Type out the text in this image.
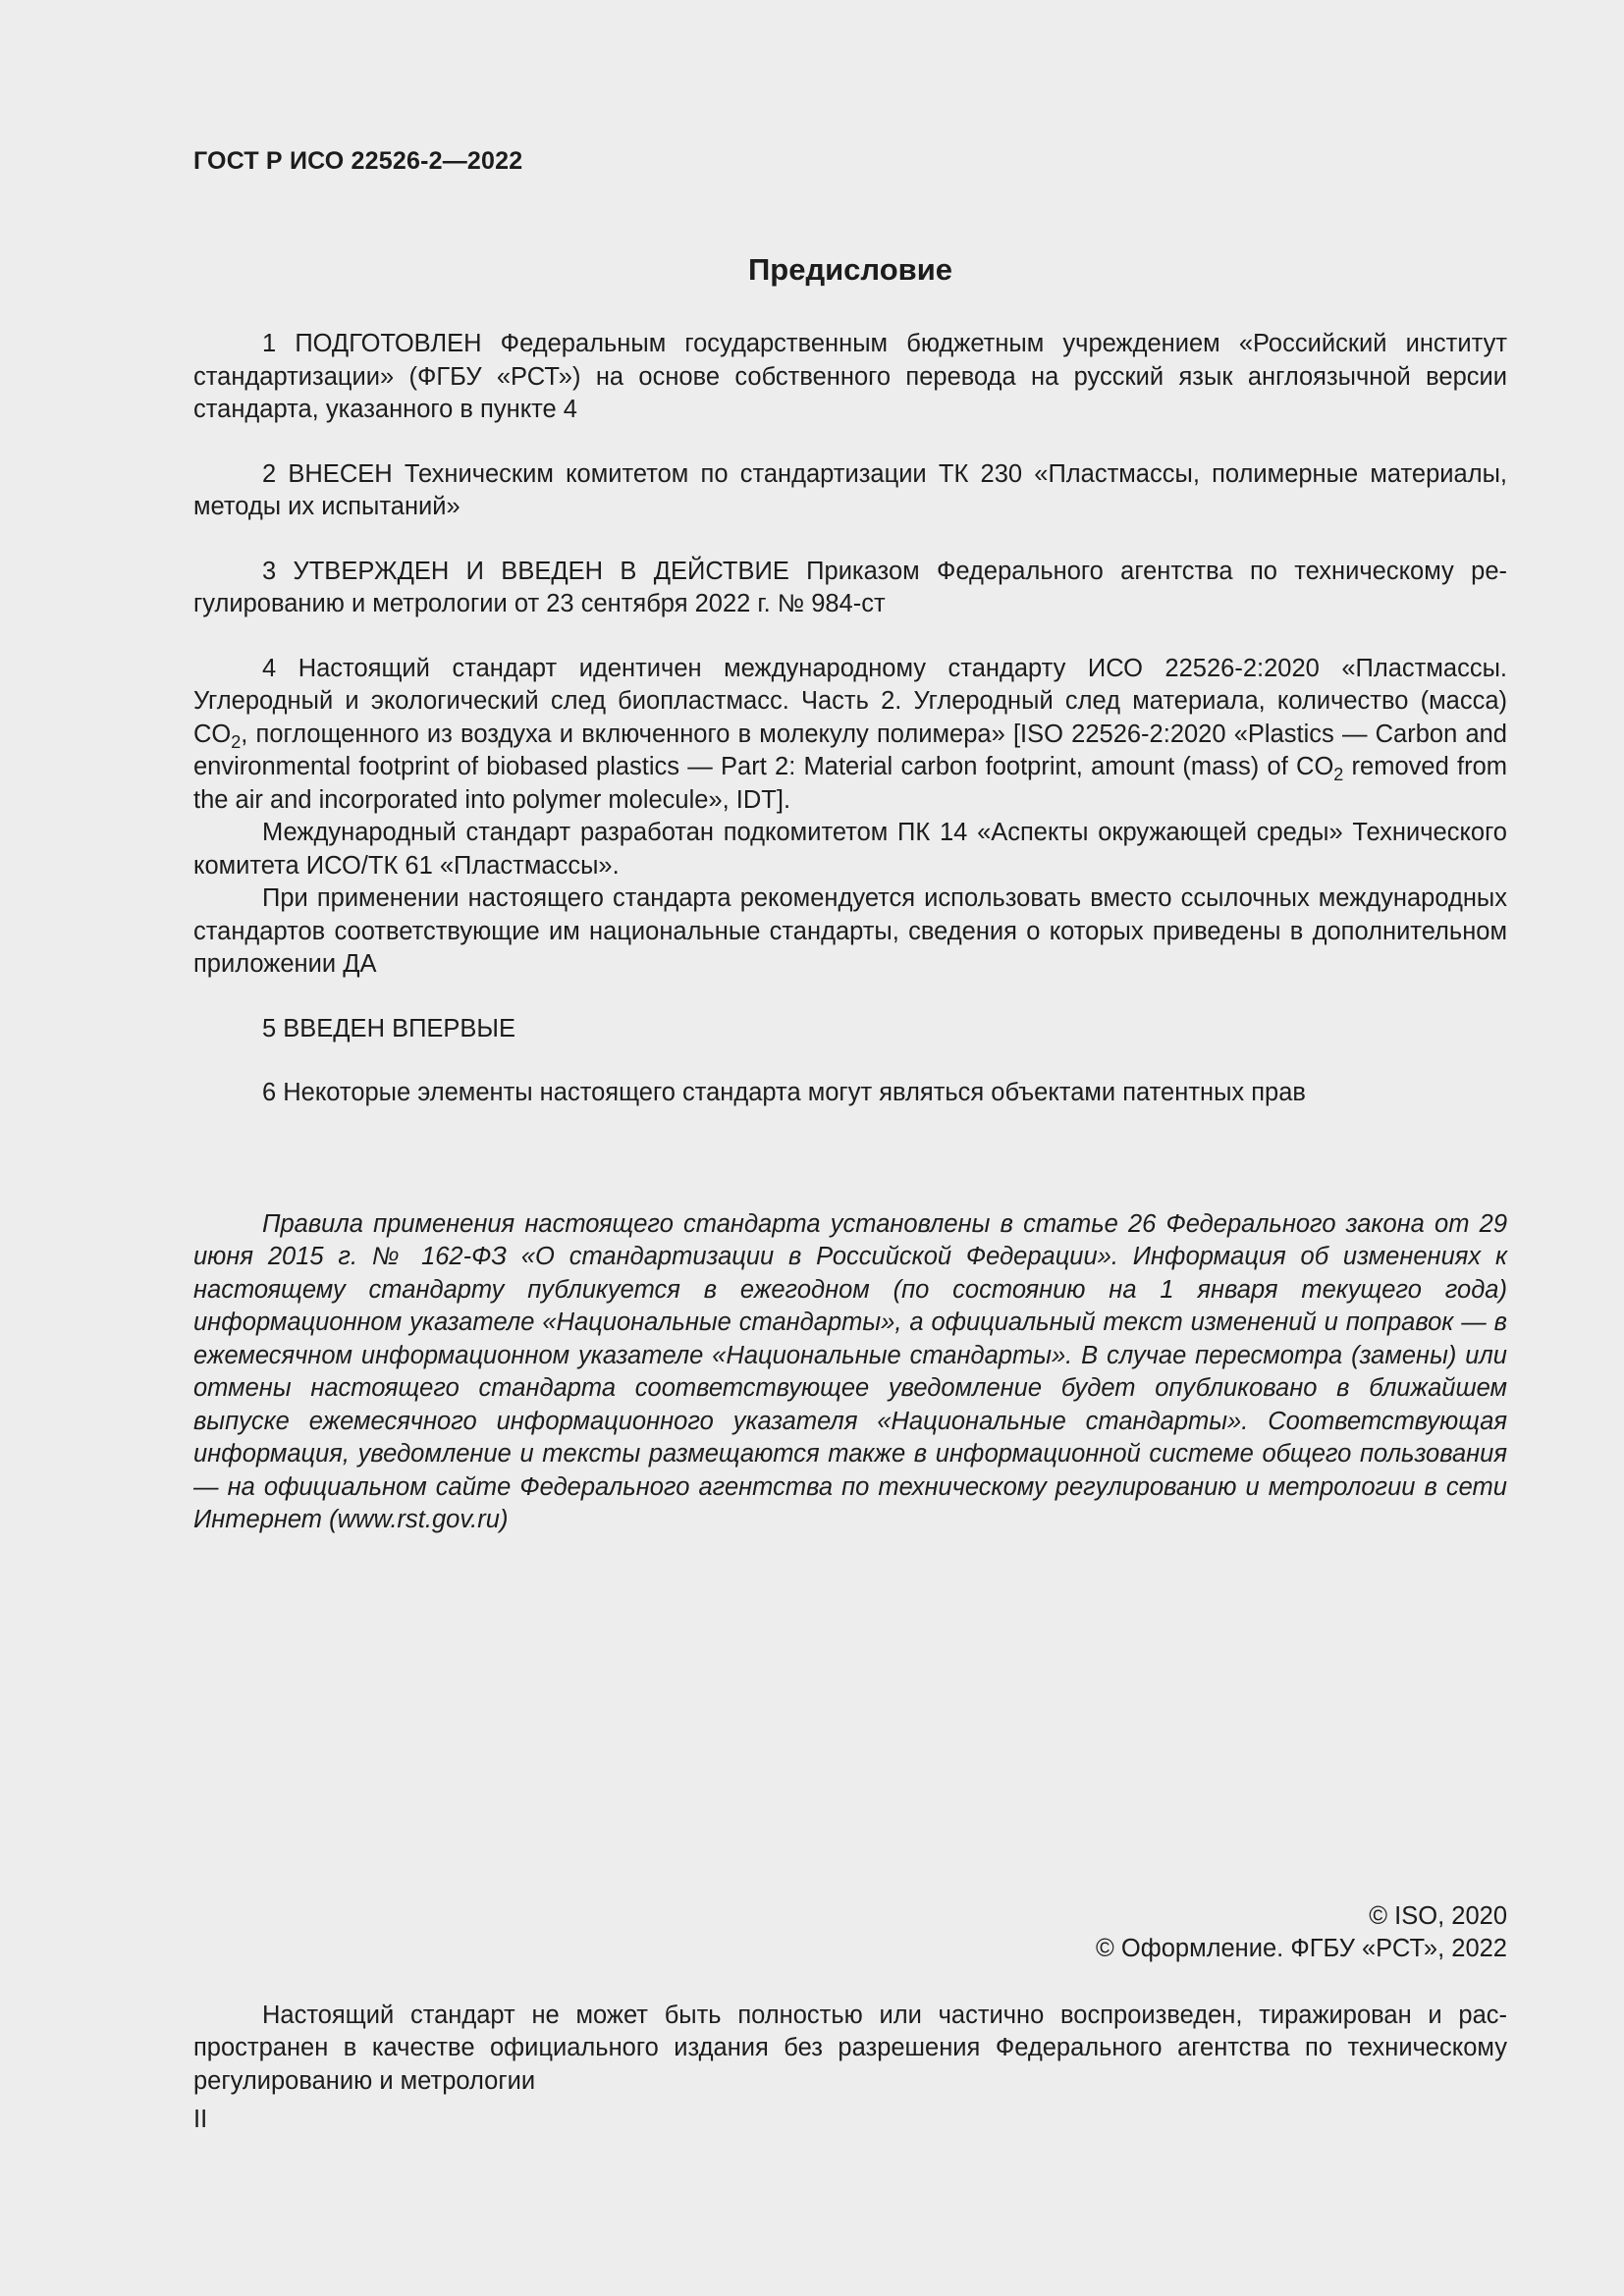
ГОСТ Р ИСО 22526-2—2022

Предисловие

1 ПОДГОТОВЛЕН Федеральным государственным бюджетным учреждением «Российский институт стандартизации» (ФГБУ «РСТ») на основе собственного перевода на русский язык англоязычной версии стандарта, указанного в пункте 4

2 ВНЕСЕН Техническим комитетом по стандартизации ТК 230 «Пластмассы, полимерные материалы, методы их испытаний»

3 УТВЕРЖДЕН И ВВЕДЕН В ДЕЙСТВИЕ Приказом Федерального агентства по техническому регулированию и метрологии от 23 сентября 2022 г. № 984-ст

4 Настоящий стандарт идентичен международному стандарту ИСО 22526-2:2020 «Пластмассы. Углеродный и экологический след биопластмасс. Часть 2. Углеродный след материала, количество (масса) $CO_2$, поглощенного из воздуха и включенного в молекулу полимера» [ISO 22526-2:2020 «Plastics — Carbon and environmental footprint of biobased plastics — Part 2: Material carbon footprint, amount (mass) of $CO_2$ removed from the air and incorporated into polymer molecule», IDT].

Международный стандарт разработан подкомитетом ПК 14 «Аспекты окружающей среды» Технического комитета ИСО/ТК 61 «Пластмассы».

При применении настоящего стандарта рекомендуется использовать вместо ссылочных международных стандартов соответствующие им национальные стандарты, сведения о которых приведены в дополнительном приложении ДА

5 ВВЕДЕН ВПЕРВЫЕ

6 Некоторые элементы настоящего стандарта могут являться объектами патентных прав

Правила применения настоящего стандарта установлены в статье 26 Федерального закона от 29 июня 2015 г. № 162-ФЗ «О стандартизации в Российской Федерации». Информация об изменениях к настоящему стандарту публикуется в ежегодном (по состоянию на 1 января текущего года) информационном указателе «Национальные стандарты», а официальный текст изменений и поправок — в ежемесячном информационном указателе «Национальные стандарты». В случае пересмотра (замены) или отмены настоящего стандарта соответствующее уведомление будет опубликовано в ближайшем выпуске ежемесячного информационного указателя «Национальные стандарты». Соответствующая информация, уведомление и тексты размещаются также в информационной системе общего пользования — на официальном сайте Федерального агентства по техническому регулированию и метрологии в сети Интернет (www.rst.gov.ru)

© ISO, 2020

© Оформление. ФГБУ «РСТ», 2022

Настоящий стандарт не может быть полностью или частично воспроизведен, тиражирован и распространен в качестве официального издания без разрешения Федерального агентства по техническому регулированию и метрологии

II
